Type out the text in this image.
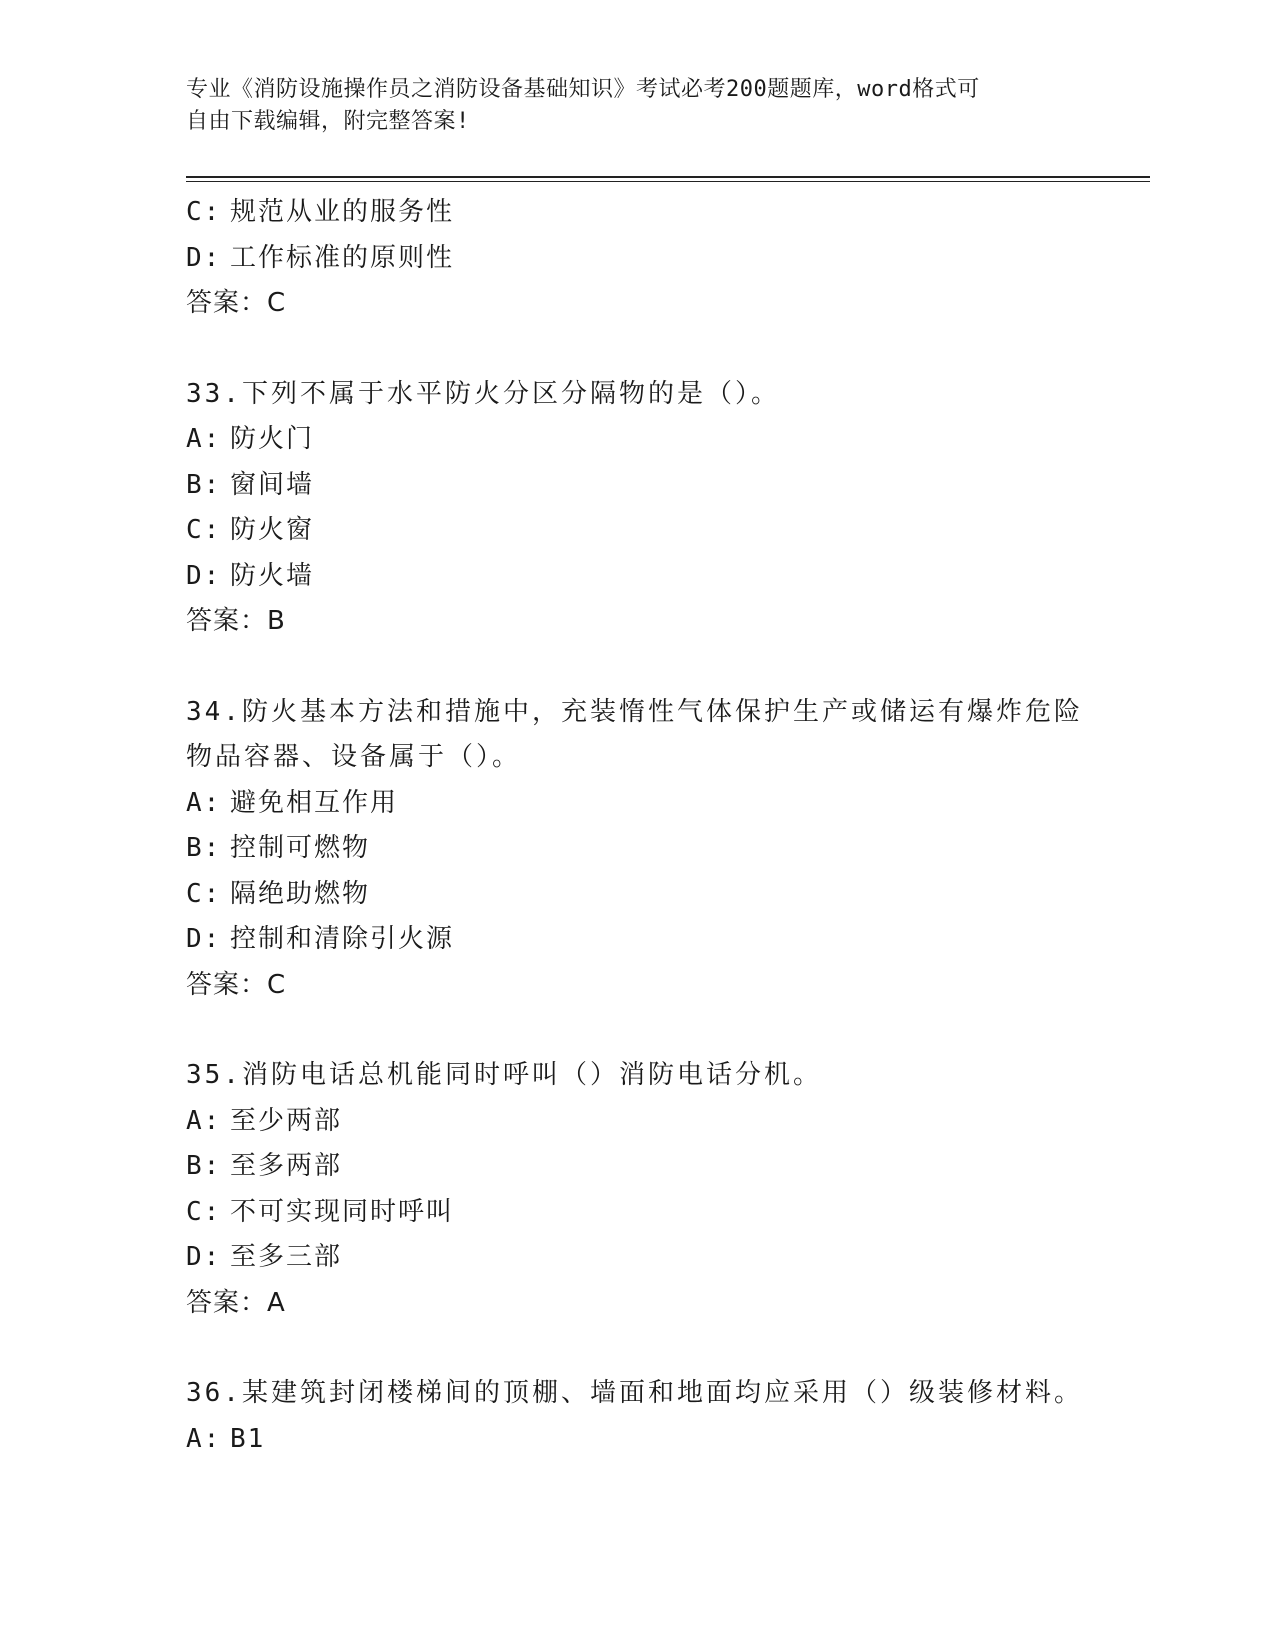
专业《消防设施操作员之消防设备基础知识》考试必考200题题库，word格式可
自由下载编辑，附完整答案!
C: 规范从业的服务性
D: 工作标准的原则性
答案：C
33.下列不属于水平防火分区分隔物的是（）。
A: 防火门
B: 窗间墙
C: 防火窗
D: 防火墙
答案：B
34.防火基本方法和措施中，充装惰性气体保护生产或储运有爆炸危险
物品容器、设备属于（）。
A: 避免相互作用
B: 控制可燃物
C: 隔绝助燃物
D: 控制和清除引火源
答案：C
35.消防电话总机能同时呼叫（）消防电话分机。
A: 至少两部
B: 至多两部
C: 不可实现同时呼叫
D: 至多三部
答案：A
36.某建筑封闭楼梯间的顶棚、墙面和地面均应采用（）级装修材料。
A: B1
